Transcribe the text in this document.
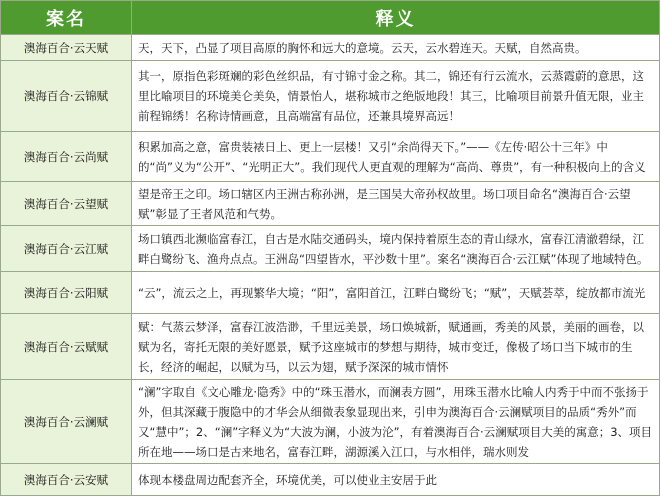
案名	释义
澳海百合·云天赋	天，天下，凸显了项目高原的胸怀和远大的意境。云天，云水碧连天。天赋，自然高贵。
澳海百合·云锦赋	其一，原指色彩斑斓的彩色丝织品，有寸锦寸金之称。其二，锦还有行云流水，云蒸霞蔚的意思，这里比喻项目的环境美仑美奂，情景怡人，堪称城市之绝版地段！其三，比喻项目前景升值无限，业主前程锦绣！名称诗情画意，且高端富有品位，还兼具境界高远！
澳海百合·云尚赋	积累加高之意，富贵装裱日上、更上一层楼！又引“余尚得天下。”——《左传·昭公十三年》中的“尚”义为“公开”、“光明正大”。我们现代人更直观的理解为“高尚、尊贵”，有一种积极向上的含义
澳海百合·云望赋	望是帝王之印。场口辖区内王洲古称孙洲，是三国吴大帝孙权故里。场口项目命名“澳海百合·云望赋”彰显了王者风范和气势。
澳海百合·云江赋	场口镇西北濒临富春江，自古是水陆交通码头，境内保持着原生态的青山绿水，富春江清澈碧绿，江畔白鹭纷飞、渔舟点点。王洲岛“四望皆水，平沙数十里”。案名“澳海百合·云江赋”体现了地域特色。
澳海百合·云阳赋	“云”，流云之上，再现繁华大境；“阳”，富阳首江，江畔白鹭纷飞；“赋”，天赋荟萃，绽放都市流光
澳海百合·云赋赋	赋：气蒸云梦泽，富春江波浩渺，千里远美景，场口焕城新，赋通画，秀美的风景，美丽的画卷，以赋为名，寄托无限的美好愿景，赋予这座城市的梦想与期待，城市变迁，像极了场口当下城市的生长，经济的崛起，以赋为马，以云为翅，赋予深深的城市情怀
澳海百合·云澜赋	“澜”字取自《文心雕龙·隐秀》中的“珠玉潜水，而澜表方圆”，用珠玉潜水比喻人内秀于中而不张扬于外，但其深藏于腹隐中的才华会从细微表象显现出来，引申为澳海百合·云澜赋项目的品质“秀外”而又“慧中”；2、“澜”字释义为“大波为澜，小波为沦”，有着澳海百合·云澜赋项目大美的寓意；3、项目所在地——场口是古来地名，富春江畔，湖源溪入江口，与水相伴，瑞水则发
澳海百合·云安赋	体现本楼盘周边配套齐全，环境优美，可以使业主安居于此
